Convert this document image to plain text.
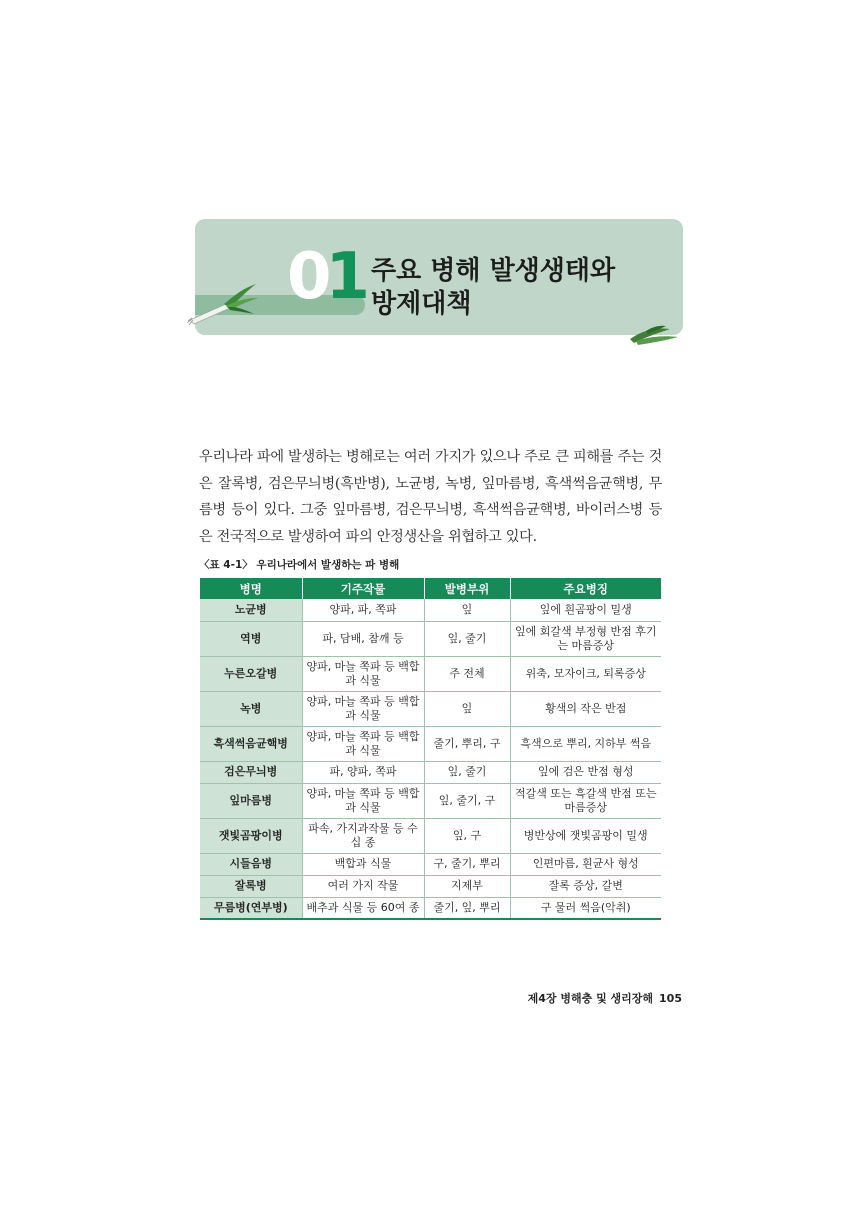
01 주요 병해 발생생태와
방제대책

우리나라 파에 발생하는 병해로는 여러 가지가 있으나 주로 큰 피해를 주는 것은 잘록병, 검은무늬병(흑반병), 노균병, 녹병, 잎마름병, 흑색썩음균핵병, 무름병 등이 있다. 그중 잎마름병, 검은무늬병, 흑색썩음균핵병, 바이러스병 등은 전국적으로 발생하여 파의 안정생산을 위협하고 있다.

〈표 4-1〉 우리나라에서 발생하는 파 병해
병명	기주작물	발병부위	주요병징
노균병	양파, 파, 쪽파	잎	잎에 흰곰팡이 밀생
역병	파, 담배, 참깨 등	잎, 줄기	잎에 회갈색 부정형 반점 후기는 마름증상
누른오갈병	양파, 마늘 쪽파 등 백합과 식물	주 전체	위축, 모자이크, 퇴록증상
녹병	양파, 마늘 쪽파 등 백합과 식물	잎	황색의 작은 반점
흑색썩음균핵병	양파, 마늘 쪽파 등 백합과 식물	줄기, 뿌리, 구	흑색으로 뿌리, 지하부 썩음
검은무늬병	파, 양파, 쪽파	잎, 줄기	잎에 검은 반점 형성
잎마름병	양파, 마늘 쪽파 등 백합과 식물	잎, 줄기, 구	적갈색 또는 흑갈색 반점 또는 마름증상
잿빛곰팡이병	파속, 가지과작물 등 수십 종	잎, 구	병반상에 잿빛곰팡이 밀생
시들음병	백합과 식물	구, 줄기, 뿌리	인편마름, 흰균사 형성
잘록병	여러 가지 작물	지제부	잘록 증상, 갈변
무름병(연부병)	배추과 식물 등 60여 종	줄기, 잎, 뿌리	구 물러 썩음(악취)
제4장 병해충 및 생리장해 105
